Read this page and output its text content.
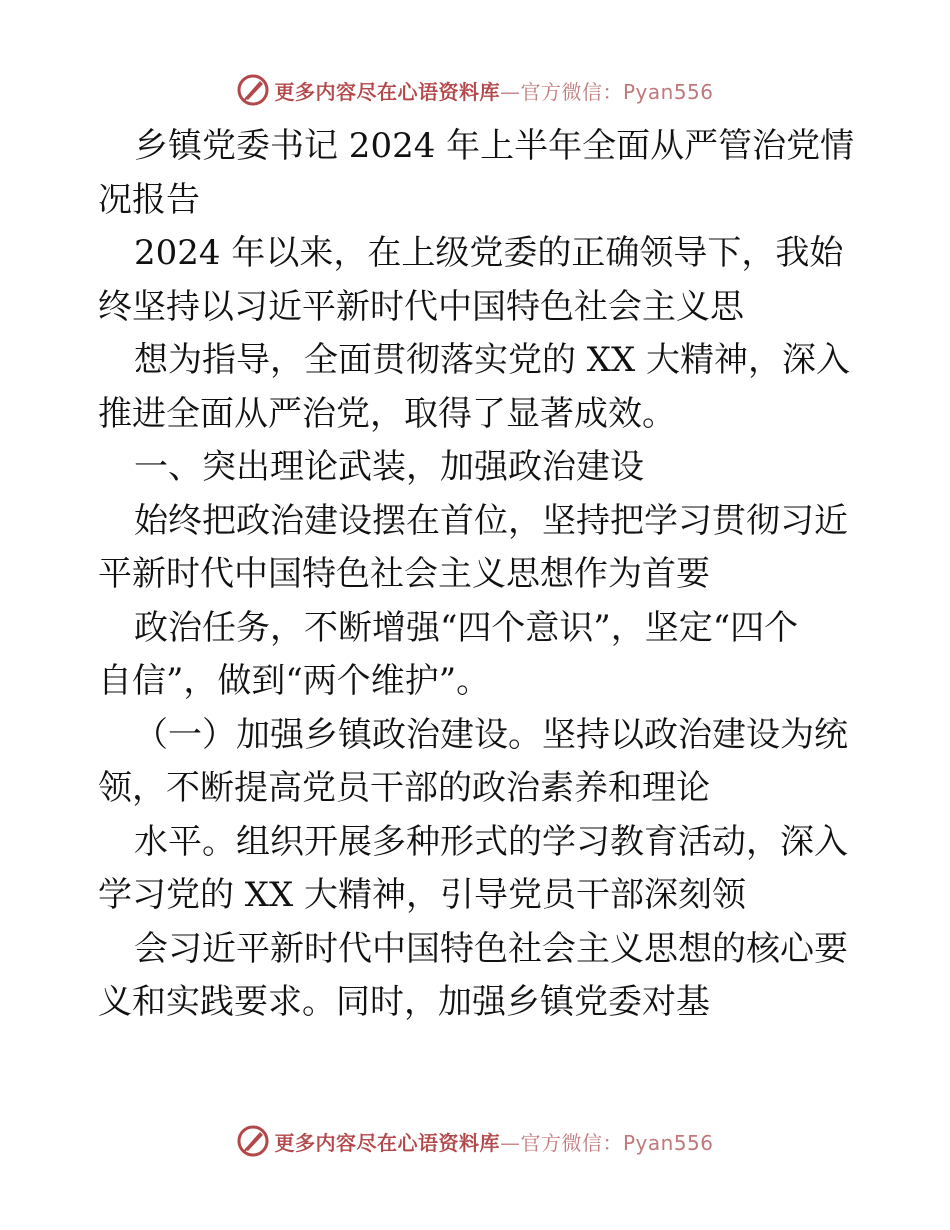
更多内容尽在心语资料库—官方微信：Pyan556
乡镇党委书记 2024 年上半年全面从严管治党情
况报告
2024 年以来，在上级党委的正确领导下，我始
终坚持以习近平新时代中国特色社会主义思
想为指导，全面贯彻落实党的 XX 大精神，深入
推进全面从严治党，取得了显著成效。
一、突出理论武装，加强政治建设
始终把政治建设摆在首位，坚持把学习贯彻习近
平新时代中国特色社会主义思想作为首要
政治任务，不断增强“四个意识”，坚定“四个
自信”，做到“两个维护”。
（一）加强乡镇政治建设。坚持以政治建设为统
领，不断提高党员干部的政治素养和理论
水平。组织开展多种形式的学习教育活动，深入
学习党的 XX 大精神，引导党员干部深刻领
会习近平新时代中国特色社会主义思想的核心要
义和实践要求。同时，加强乡镇党委对基
更多内容尽在心语资料库—官方微信：Pyan556
